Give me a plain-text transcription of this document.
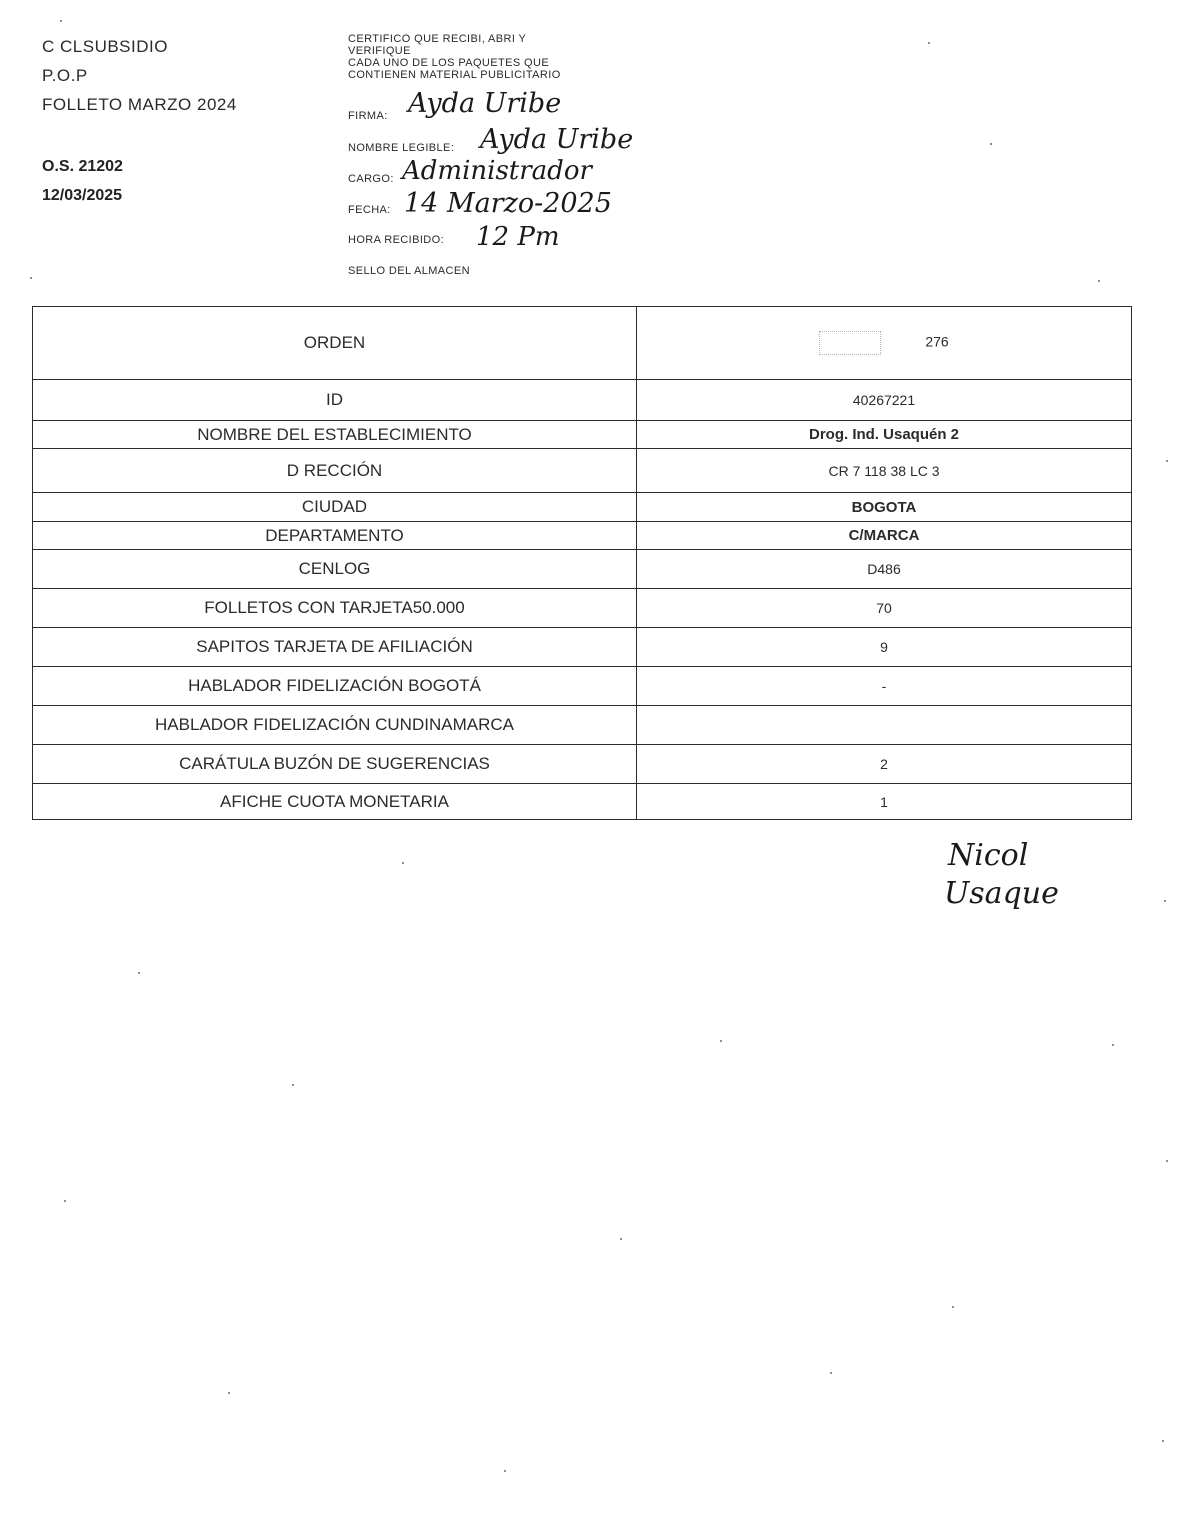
C CLSUBSIDIO
P.O.P
FOLLETO MARZO 2024
O.S. 21202
12/03/2025
CERTIFICO QUE RECIBI, ABRI Y
VERIFIQUE
CADA UNO DE LOS PAQUETES QUE
CONTIENEN MATERIAL PUBLICITARIO
FIRMA: Ayda Uribe
NOMBRE LEGIBLE: Ayda Uribe
CARGO: Administrador
FECHA: 14 Marzo-2025
HORA RECIBIDO: 12 Pm
SELLO DEL ALMACEN
ORDEN	276
ID	40267221
NOMBRE DEL ESTABLECIMIENTO	Drog. Ind. Usaquén 2
D RECCIÓN	CR 7 118 38 LC 3
CIUDAD	BOGOTA
DEPARTAMENTO	C/MARCA
CENLOG	D486
FOLLETOS CON TARJETA50.000	70
SAPITOS TARJETA DE AFILIACIÓN	9
HABLADOR FIDELIZACIÓN BOGOTÁ	-
HABLADOR FIDELIZACIÓN CUNDINAMARCA	
CARÁTULA BUZÓN DE SUGERENCIAS	2
AFICHE CUOTA MONETARIA	1
Nicol
Usaque
